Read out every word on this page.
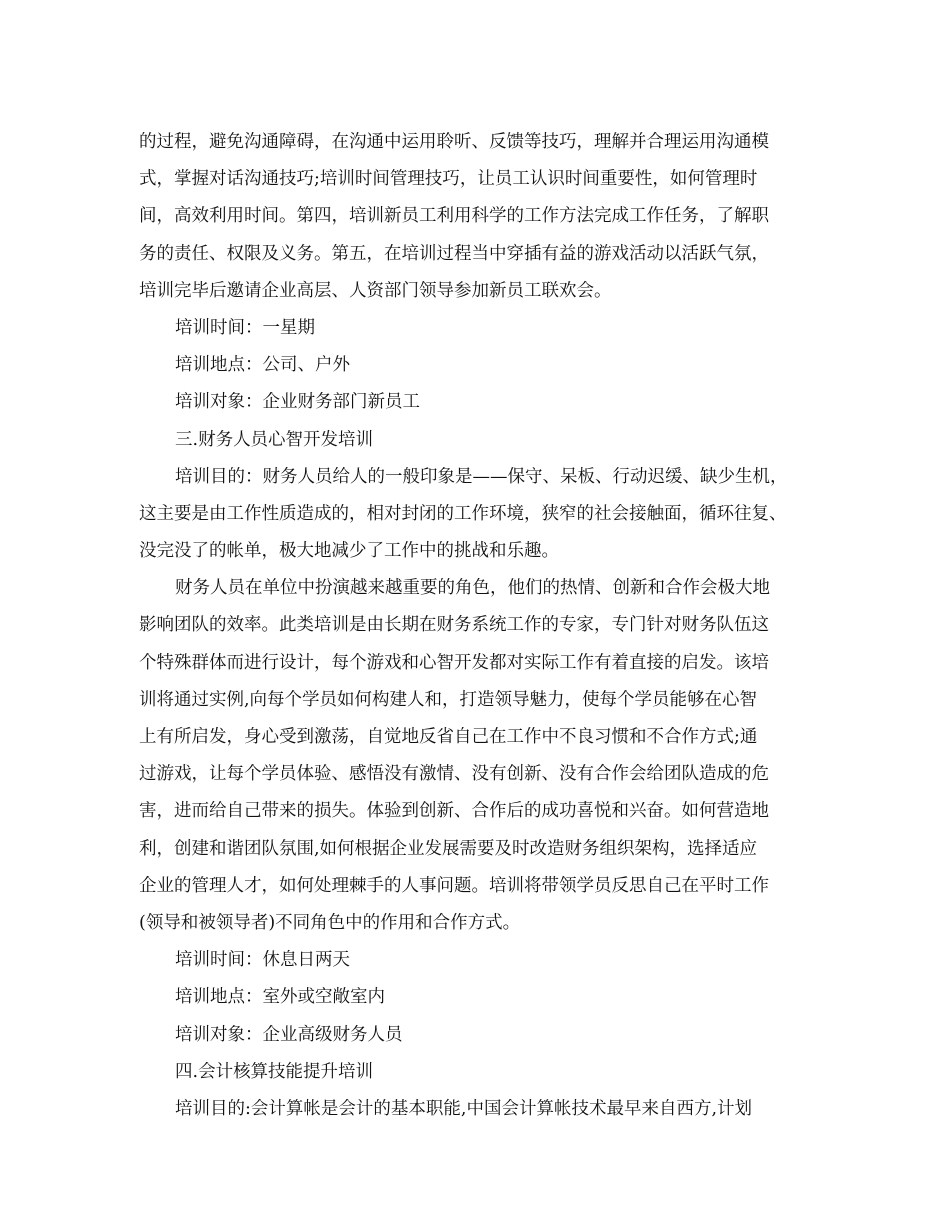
的过程，避免沟通障碍，在沟通中运用聆听、反馈等技巧，理解并合理运用沟通模
式，掌握对话沟通技巧;培训时间管理技巧，让员工认识时间重要性，如何管理时
间，高效利用时间。第四，培训新员工利用科学的工作方法完成工作任务，了解职
务的责任、权限及义务。第五，在培训过程当中穿插有益的游戏活动以活跃气氛，
培训完毕后邀请企业高层、人资部门领导参加新员工联欢会。
培训时间：一星期
培训地点：公司、户外
培训对象：企业财务部门新员工
三.财务人员心智开发培训
培训目的：财务人员给人的一般印象是——保守、呆板、行动迟缓、缺少生机，
这主要是由工作性质造成的，相对封闭的工作环境，狭窄的社会接触面，循环往复、
没完没了的帐单，极大地减少了工作中的挑战和乐趣。
财务人员在单位中扮演越来越重要的角色，他们的热情、创新和合作会极大地
影响团队的效率。此类培训是由长期在财务系统工作的专家，专门针对财务队伍这
个特殊群体而进行设计，每个游戏和心智开发都对实际工作有着直接的启发。该培
训将通过实例,向每个学员如何构建人和，打造领导魅力，使每个学员能够在心智
上有所启发，身心受到激荡，自觉地反省自己在工作中不良习惯和不合作方式;通
过游戏，让每个学员体验、感悟没有激情、没有创新、没有合作会给团队造成的危
害，进而给自己带来的损失。体验到创新、合作后的成功喜悦和兴奋。如何营造地
利，创建和谐团队氛围,如何根据企业发展需要及时改造财务组织架构，选择适应
企业的管理人才，如何处理棘手的人事问题。培训将带领学员反思自己在平时工作
(领导和被领导者)不同角色中的作用和合作方式。
培训时间：休息日两天
培训地点：室外或空敞室内
培训对象：企业高级财务人员
四.会计核算技能提升培训
培训目的:会计算帐是会计的基本职能,中国会计算帐技术最早来自西方,计划
